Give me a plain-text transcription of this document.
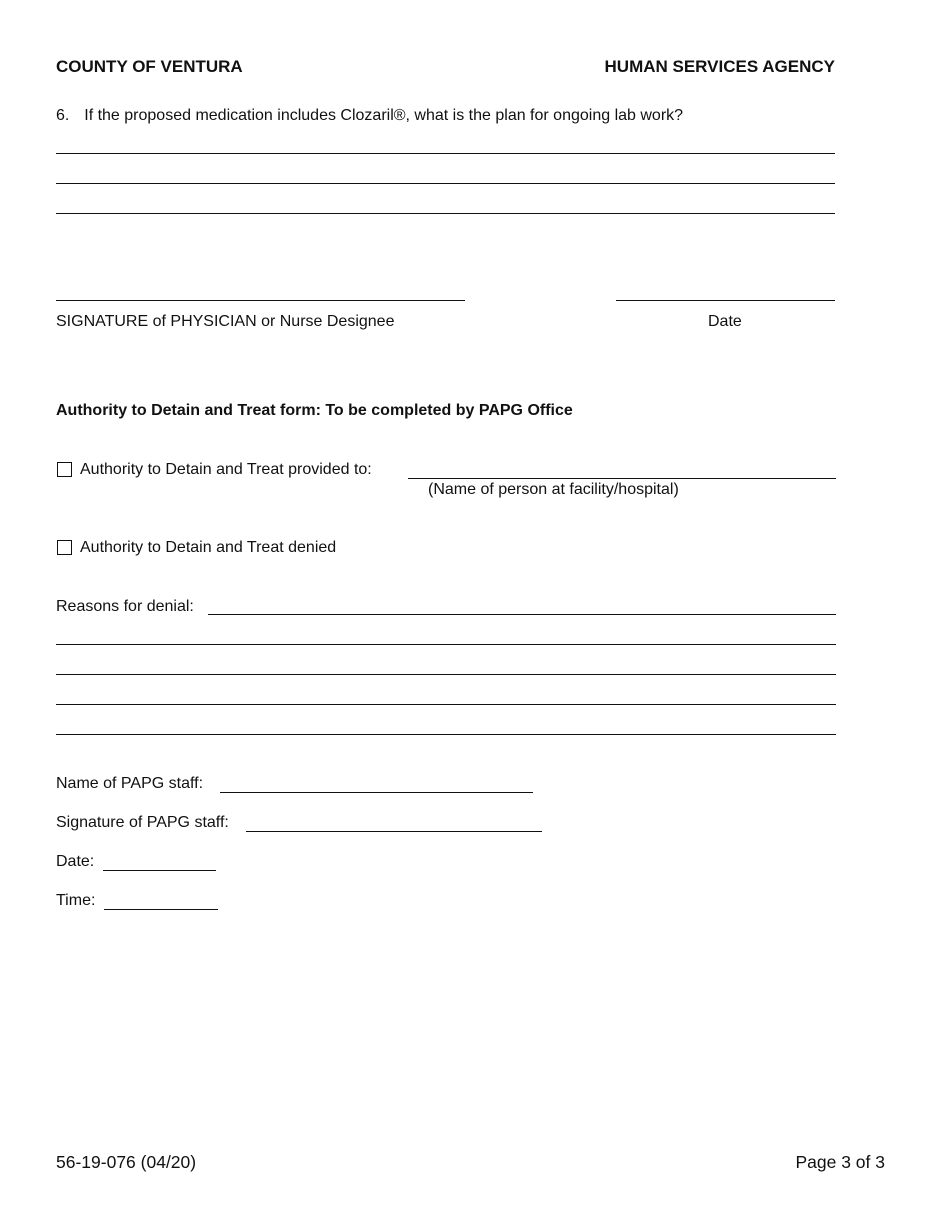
COUNTY OF VENTURA	HUMAN SERVICES AGENCY
6. If the proposed medication includes Clozaril®, what is the plan for ongoing lab work?
SIGNATURE of PHYSICIAN or Nurse Designee	Date
Authority to Detain and Treat form: To be completed by PAPG Office
Authority to Detain and Treat provided to:
(Name of person at facility/hospital)
Authority to Detain and Treat denied
Reasons for denial:
Name of PAPG staff:
Signature of PAPG staff:
Date:
Time:
56-19-076 (04/20)	Page 3 of 3
